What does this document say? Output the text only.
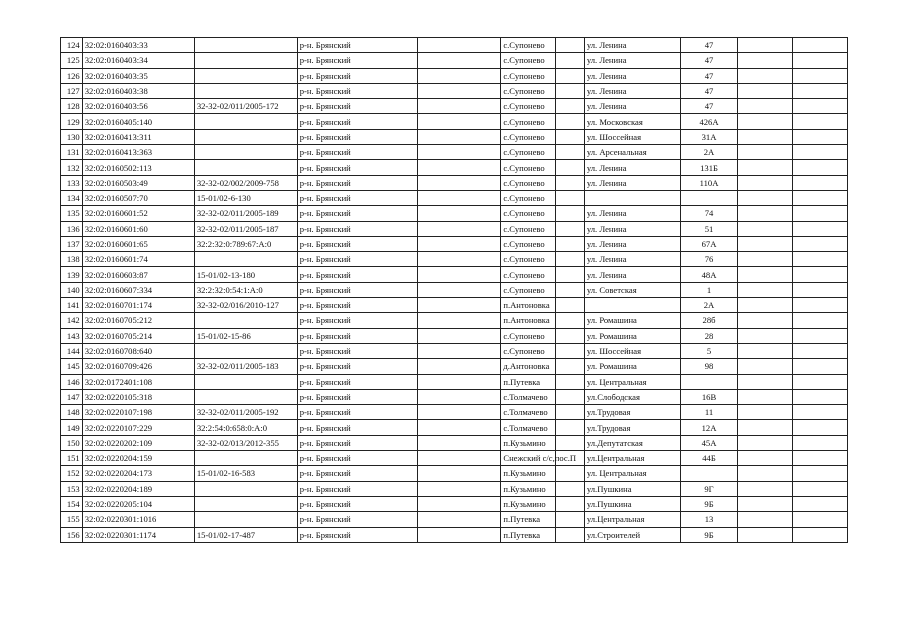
124	32:02:0160403:33		р-н. Брянский		с.Супонево		ул. Ленина	47		
125	32:02:0160403:34		р-н. Брянский		с.Супонево		ул. Ленина	47		
126	32:02:0160403:35		р-н. Брянский		с.Супонево		ул. Ленина	47		
127	32:02:0160403:38		р-н. Брянский		с.Супонево		ул. Ленина	47		
128	32:02:0160403:56	32-32-02/011/2005-172	р-н. Брянский		с.Супонево		ул. Ленина	47		
129	32:02:0160405:140		р-н. Брянский		с.Супонево		ул. Московская	426А		
130	32:02:0160413:311		р-н. Брянский		с.Супонево		ул. Шоссейная	31А		
131	32:02:0160413:363		р-н. Брянский		с.Супонево		ул. Арсенальная	2А		
132	32:02:0160502:113		р-н. Брянский		с.Супонево		ул. Ленина	131Б		
133	32:02:0160503:49	32-32-02/002/2009-758	р-н. Брянский		с.Супонево		ул. Ленина	110А		
134	32:02:0160507:70	15-01/02-6-130	р-н. Брянский		с.Супонево					
135	32:02:0160601:52	32-32-02/011/2005-189	р-н. Брянский		с.Супонево		ул. Ленина	74		
136	32:02:0160601:60	32-32-02/011/2005-187	р-н. Брянский		с.Супонево		ул. Ленина	51		
137	32:02:0160601:65	32:2:32:0:789:67:А:0	р-н. Брянский		с.Супонево		ул. Ленина	67А		
138	32:02:0160601:74		р-н. Брянский		с.Супонево		ул. Ленина	76		
139	32:02:0160603:87	15-01/02-13-180	р-н. Брянский		с.Супонево		ул. Ленина	48А		
140	32:02:0160607:334	32:2:32:0:54:1:А:0	р-н. Брянский		с.Супонево		ул. Советская	1		
141	32:02:0160701:174	32-32-02/016/2010-127	р-н. Брянский		п.Антоновка			2А		
142	32:02:0160705:212		р-н. Брянский		п.Антоновка		ул. Ромашина	28б		
143	32:02:0160705:214	15-01/02-15-86	р-н. Брянский		с.Супонево		ул. Ромашина	28		
144	32:02:0160708:640		р-н. Брянский		с.Супонево		ул. Шоссейная	5		
145	32:02:0160709:426	32-32-02/011/2005-183	р-н. Брянский		д.Антоновка		ул. Ромашина	98		
146	32:02:0172401:108		р-н. Брянский		п.Путевка		ул. Центральная			
147	32:02:0220105:318		р-н. Брянский		с.Толмачево		ул.Слободская	16В		
148	32:02:0220107:198	32-32-02/011/2005-192	р-н. Брянский		с.Толмачево		ул.Трудовая	11		
149	32:02:0220107:229	32:2:54:0:658:0:А:0	р-н. Брянский		с.Толмачево		ул.Трудовая	12А		
150	32:02:0220202:109	32-32-02/013/2012-355	р-н. Брянский		п.Кузьмино		ул.Депутатская	45А		
151	32:02:0220204:159		р-н. Брянский		Снежский с/с,пос.П		ул.Центральная	44Б		
152	32:02:0220204:173	15-01/02-16-583	р-н. Брянский		п.Кузьмино		ул. Центральная			
153	32:02:0220204:189		р-н. Брянский		п.Кузьмино		ул.Пушкина	9Г		
154	32:02:0220205:104		р-н. Брянский		п.Кузьмино		ул.Пушкина	9Б		
155	32:02:0220301:1016		р-н. Брянский		п.Путевка		ул.Центральная	13		
156	32:02:0220301:1174	15-01/02-17-487	р-н. Брянский		п.Путевка		ул.Строителей	9Б		
